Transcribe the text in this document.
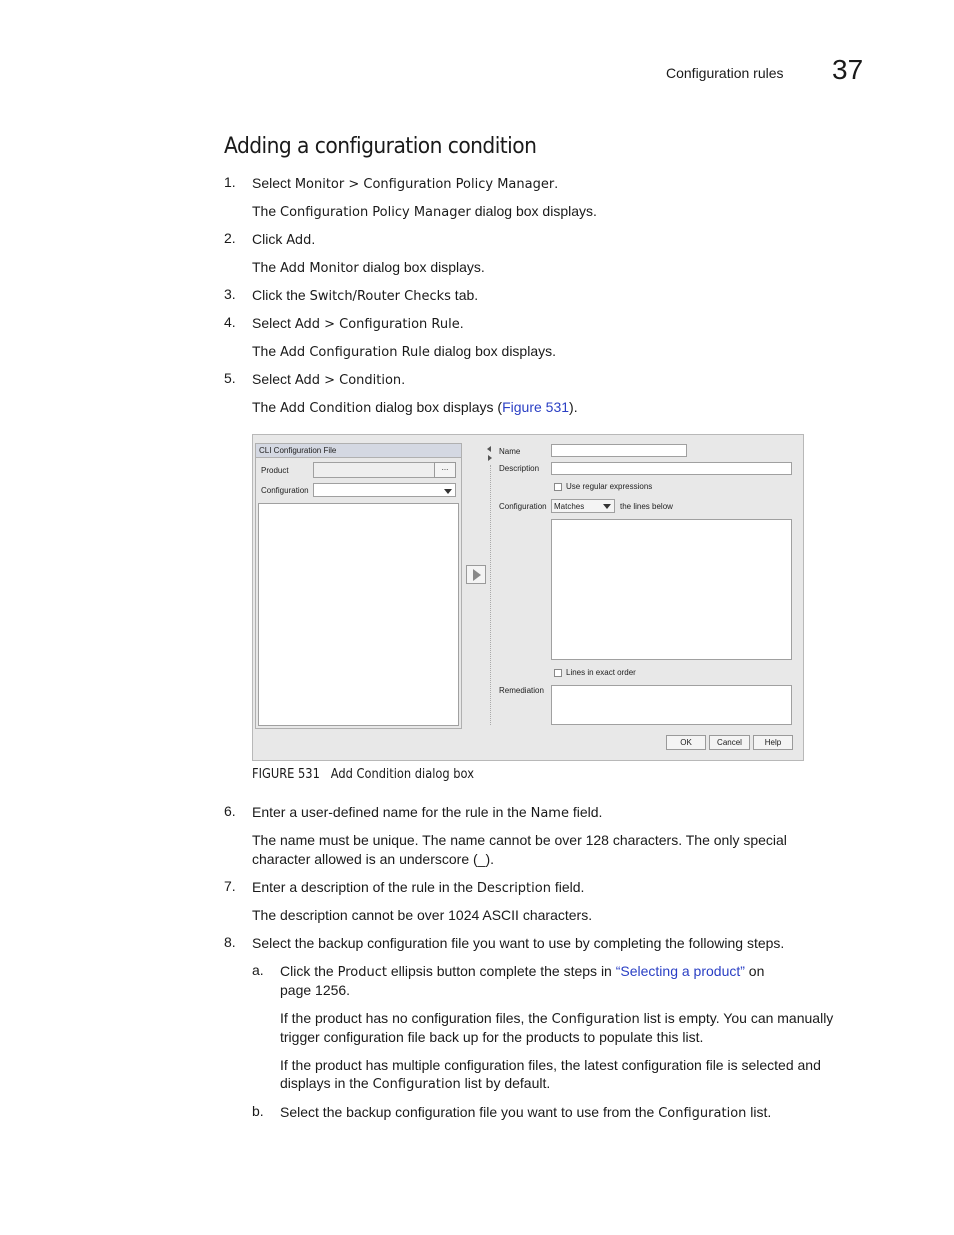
Configuration rules 37
Adding a configuration condition
1. Select Monitor > Configuration Policy Manager.
The Configuration Policy Manager dialog box displays.
2. Click Add.
The Add Monitor dialog box displays.
3. Click the Switch/Router Checks tab.
4. Select Add > Configuration Rule.
The Add Configuration Rule dialog box displays.
5. Select Add > Condition.
The Add Condition dialog box displays (Figure 531).
CLI Configuration File
Product	...
Configuration
Name
Description
Use regular expressions
Configuration Matches	the lines below
Lines in exact order
Remediation
OK	Cancel	Help
FIGURE 531 Add Condition dialog box
6. Enter a user-defined name for the rule in the Name field.
The name must be unique. The name cannot be over 128 characters. The only special
character allowed is an underscore (_).
7. Enter a description of the rule in the Description field.
The description cannot be over 1024 ASCII characters.
8. Select the backup configuration file you want to use by completing the following steps.
a. Click the Product ellipsis button complete the steps in “Selecting a product” on
page 1256.
If the product has no configuration files, the Configuration list is empty. You can manually
trigger configuration file back up for the products to populate this list.
If the product has multiple configuration files, the latest configuration file is selected and
displays in the Configuration list by default.
b. Select the backup configuration file you want to use from the Configuration list.
